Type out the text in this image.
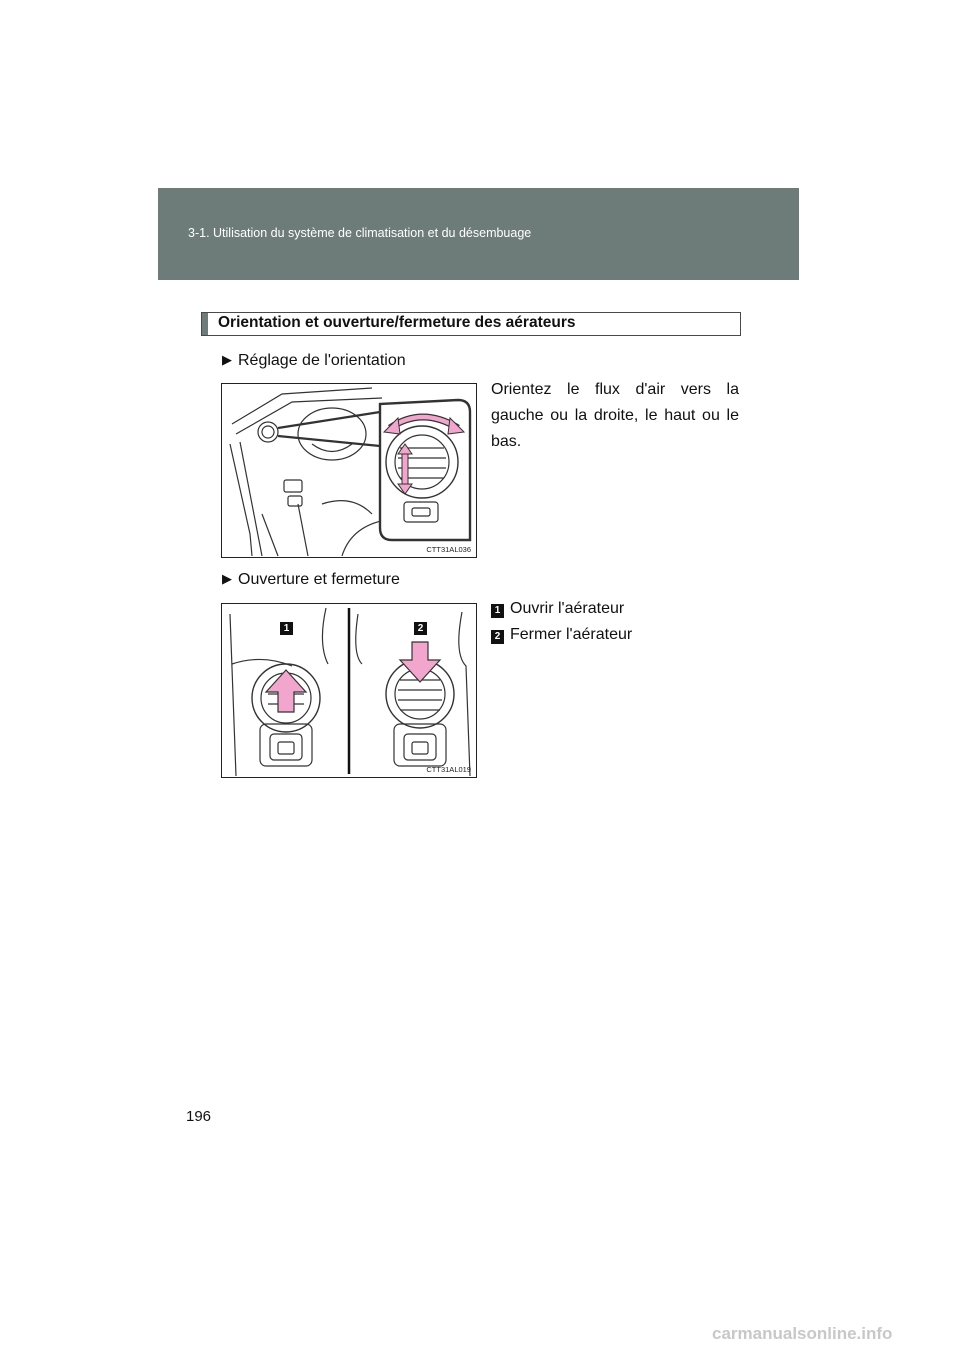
3-1. Utilisation du système de climatisation et du désembuage
Orientation et ouverture/fermeture des aérateurs
▶ Réglage de l'orientation
CTT31AL036
Orientez le flux d'air vers la gauche ou la droite, le haut ou le bas.
▶ Ouverture et fermeture
1	2
CTT31AL019
1 Ouvrir l'aérateur
2 Fermer l'aérateur
196
carmanualsonline.info
